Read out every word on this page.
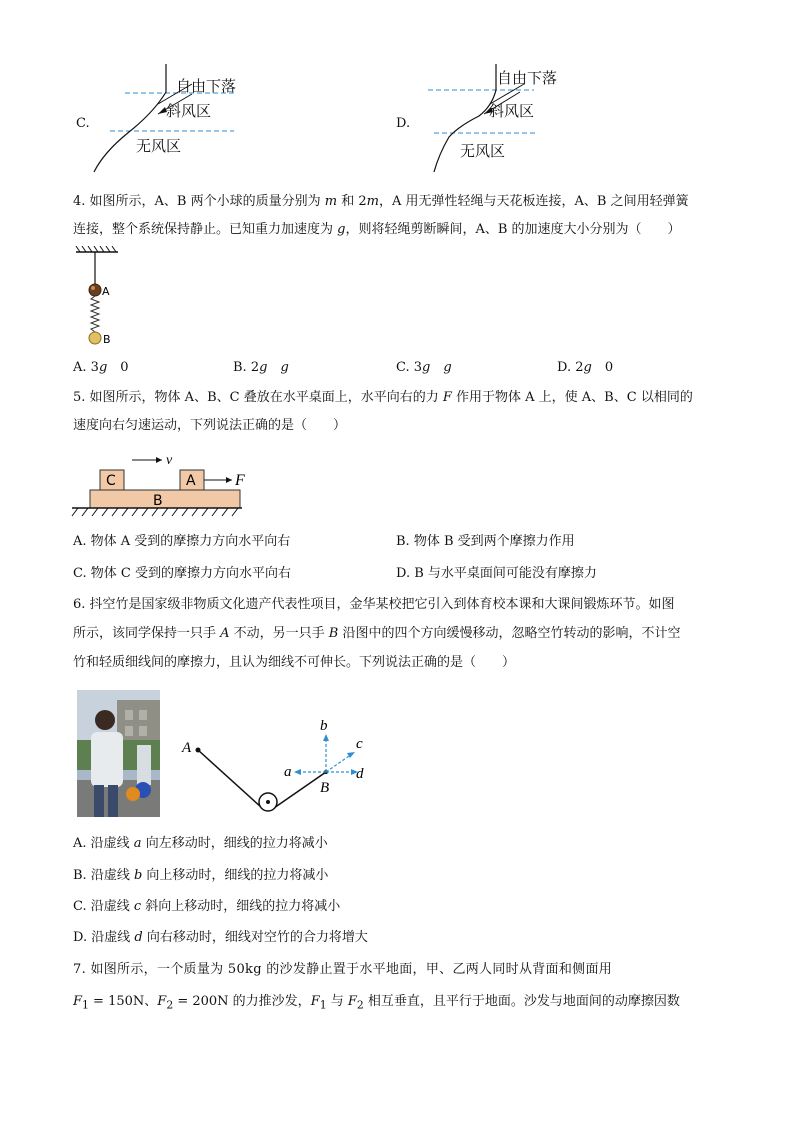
C.
自由下落
斜风区
无风区
D.
自由下落
斜风区
无风区
4. 如图所示，A、B 两个小球的质量分别为 m 和 2m，A 用无弹性轻绳与天花板连接，A、B 之间用轻弹簧
连接，整个系统保持静止。已知重力加速度为 g，则将轻绳剪断瞬间，A、B 的加速度大小分别为（　　）
A
B
A. 3g　0	B. 2g　 g	C. 3g　 g	D. 2g　0
5. 如图所示，物体 A、B、C 叠放在水平桌面上，水平向右的力 F 作用于物体 A 上，使 A、B、C 以相同的
速度向右匀速运动，下列说法正确的是（　　）
C	A
B
v
F
A. 物体 A 受到的摩擦力方向水平向右	B. 物体 B 受到两个摩擦力作用
C. 物体 C 受到的摩擦力方向水平向右	D. B 与水平桌面间可能没有摩擦力
6. 抖空竹是国家级非物质文化遗产代表性项目，金华某校把它引入到体育校本课和大课间锻炼环节。如图
所示，该同学保持一只手 A 不动，另一只手 B 沿图中的四个方向缓慢移动，忽略空竹转动的影响，不计空
竹和轻质细线间的摩擦力，且认为细线不可伸长。下列说法正确的是（　　）
A
B
a
b
c
d
A. 沿虚线 a 向左移动时，细线的拉力将减小
B. 沿虚线 b 向上移动时，细线的拉力将减小
C. 沿虚线 c 斜向上移动时，细线的拉力将减小
D. 沿虚线 d 向右移动时，细线对空竹的合力将增大
7. 如图所示，一个质量为 50kg 的沙发静止置于水平地面，甲、乙两人同时从背面和侧面用
$F_1 = 150N$、$F_2 = 200N$ 的力推沙发，$F_1$ 与 $F_2$ 相互垂直，且平行于地面。沙发与地面间的动摩擦因数
